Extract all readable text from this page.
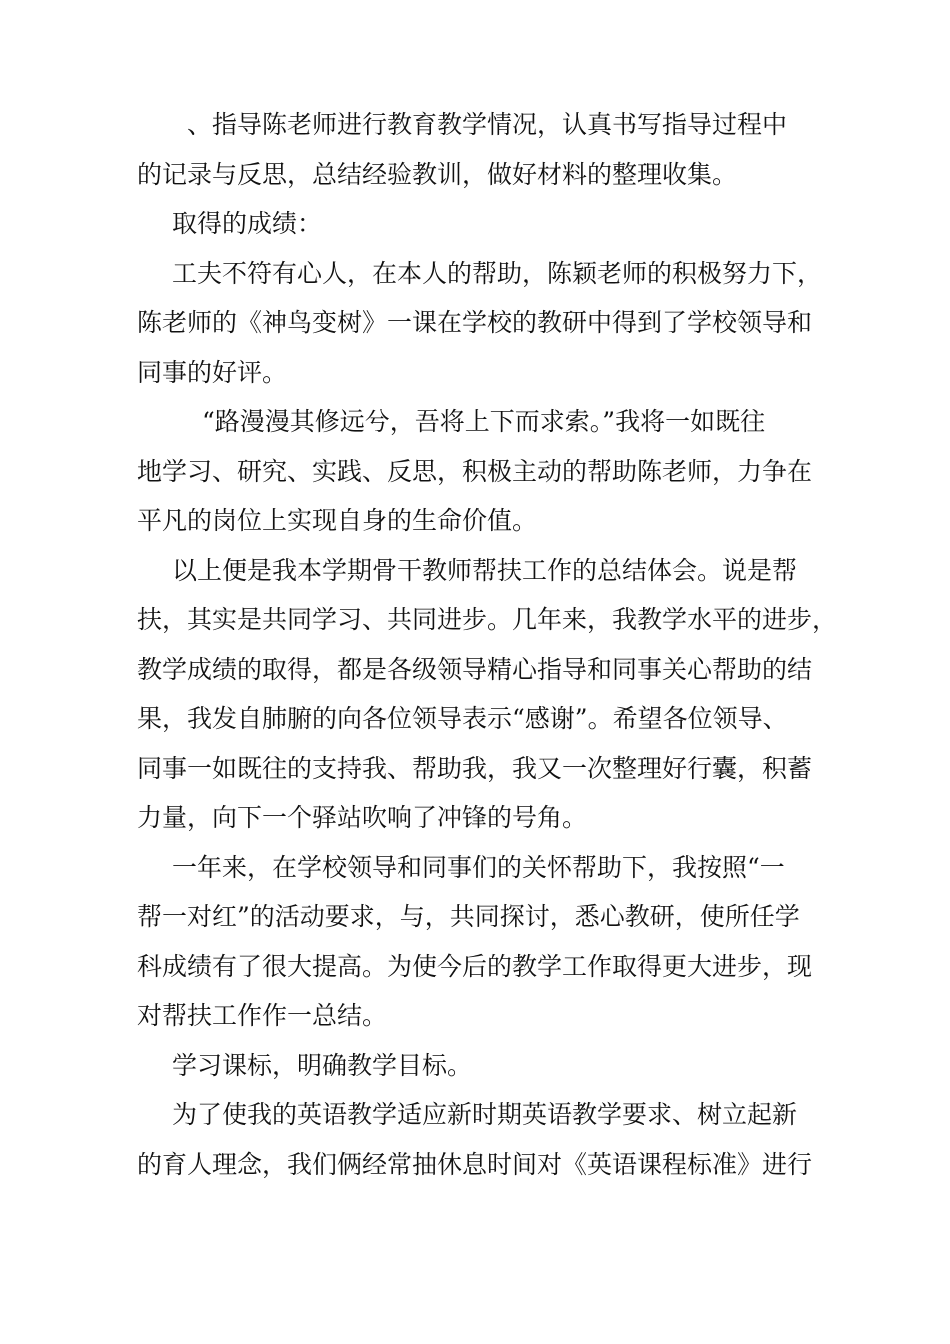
、指导陈老师进行教育教学情况，认真书写指导过程中
的记录与反思，总结经验教训，做好材料的整理收集。
取得的成绩：
工夫不符有心人，在本人的帮助，陈颖老师的积极努力下，
陈老师的《神鸟变树》一课在学校的教研中得到了学校领导和
同事的好评。
“路漫漫其修远兮，吾将上下而求索。”我将一如既往
地学习、研究、实践、反思，积极主动的帮助陈老师，力争在
平凡的岗位上实现自身的生命价值。
以上便是我本学期骨干教师帮扶工作的总结体会。说是帮
扶，其实是共同学习、共同进步。几年来，我教学水平的进步，
教学成绩的取得，都是各级领导精心指导和同事关心帮助的结
果，我发自肺腑的向各位领导表示“感谢”。希望各位领导、
同事一如既往的支持我、帮助我，我又一次整理好行囊，积蓄
力量，向下一个驿站吹响了冲锋的号角。
一年来，在学校领导和同事们的关怀帮助下，我按照“一
帮一对红”的活动要求，与，共同探讨，悉心教研，使所任学
科成绩有了很大提高。为使今后的教学工作取得更大进步，现
对帮扶工作作一总结。
学习课标，明确教学目标。
为了使我的英语教学适应新时期英语教学要求、树立起新
的育人理念，我们俩经常抽休息时间对《英语课程标准》进行
